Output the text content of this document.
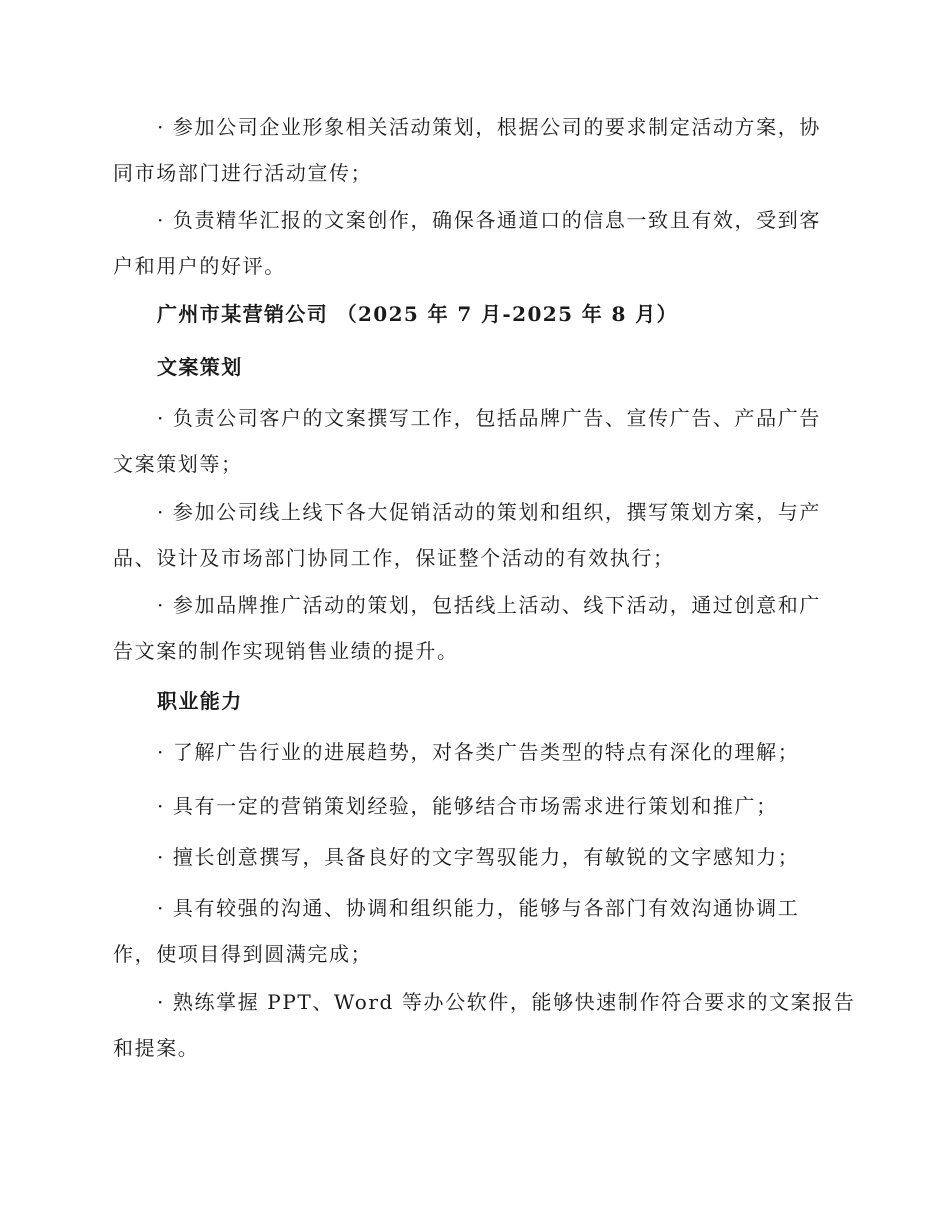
· 参加公司企业形象相关活动策划，根据公司的要求制定活动方案，协
同市场部门进行活动宣传；

· 负责精华汇报的文案创作，确保各通道口的信息一致且有效，受到客
户和用户的好评。

广州市某营销公司 （2025 年 7 月-2025 年 8 月）

文案策划

· 负责公司客户的文案撰写工作，包括品牌广告、宣传广告、产品广告
文案策划等；

· 参加公司线上线下各大促销活动的策划和组织，撰写策划方案，与产
品、设计及市场部门协同工作，保证整个活动的有效执行；

· 参加品牌推广活动的策划，包括线上活动、线下活动，通过创意和广
告文案的制作实现销售业绩的提升。

职业能力

· 了解广告行业的进展趋势，对各类广告类型的特点有深化的理解；

· 具有一定的营销策划经验，能够结合市场需求进行策划和推广；

· 擅长创意撰写，具备良好的文字驾驭能力，有敏锐的文字感知力；

· 具有较强的沟通、协调和组织能力，能够与各部门有效沟通协调工
作，使项目得到圆满完成；

· 熟练掌握 PPT、Word 等办公软件，能够快速制作符合要求的文案报告
和提案。
